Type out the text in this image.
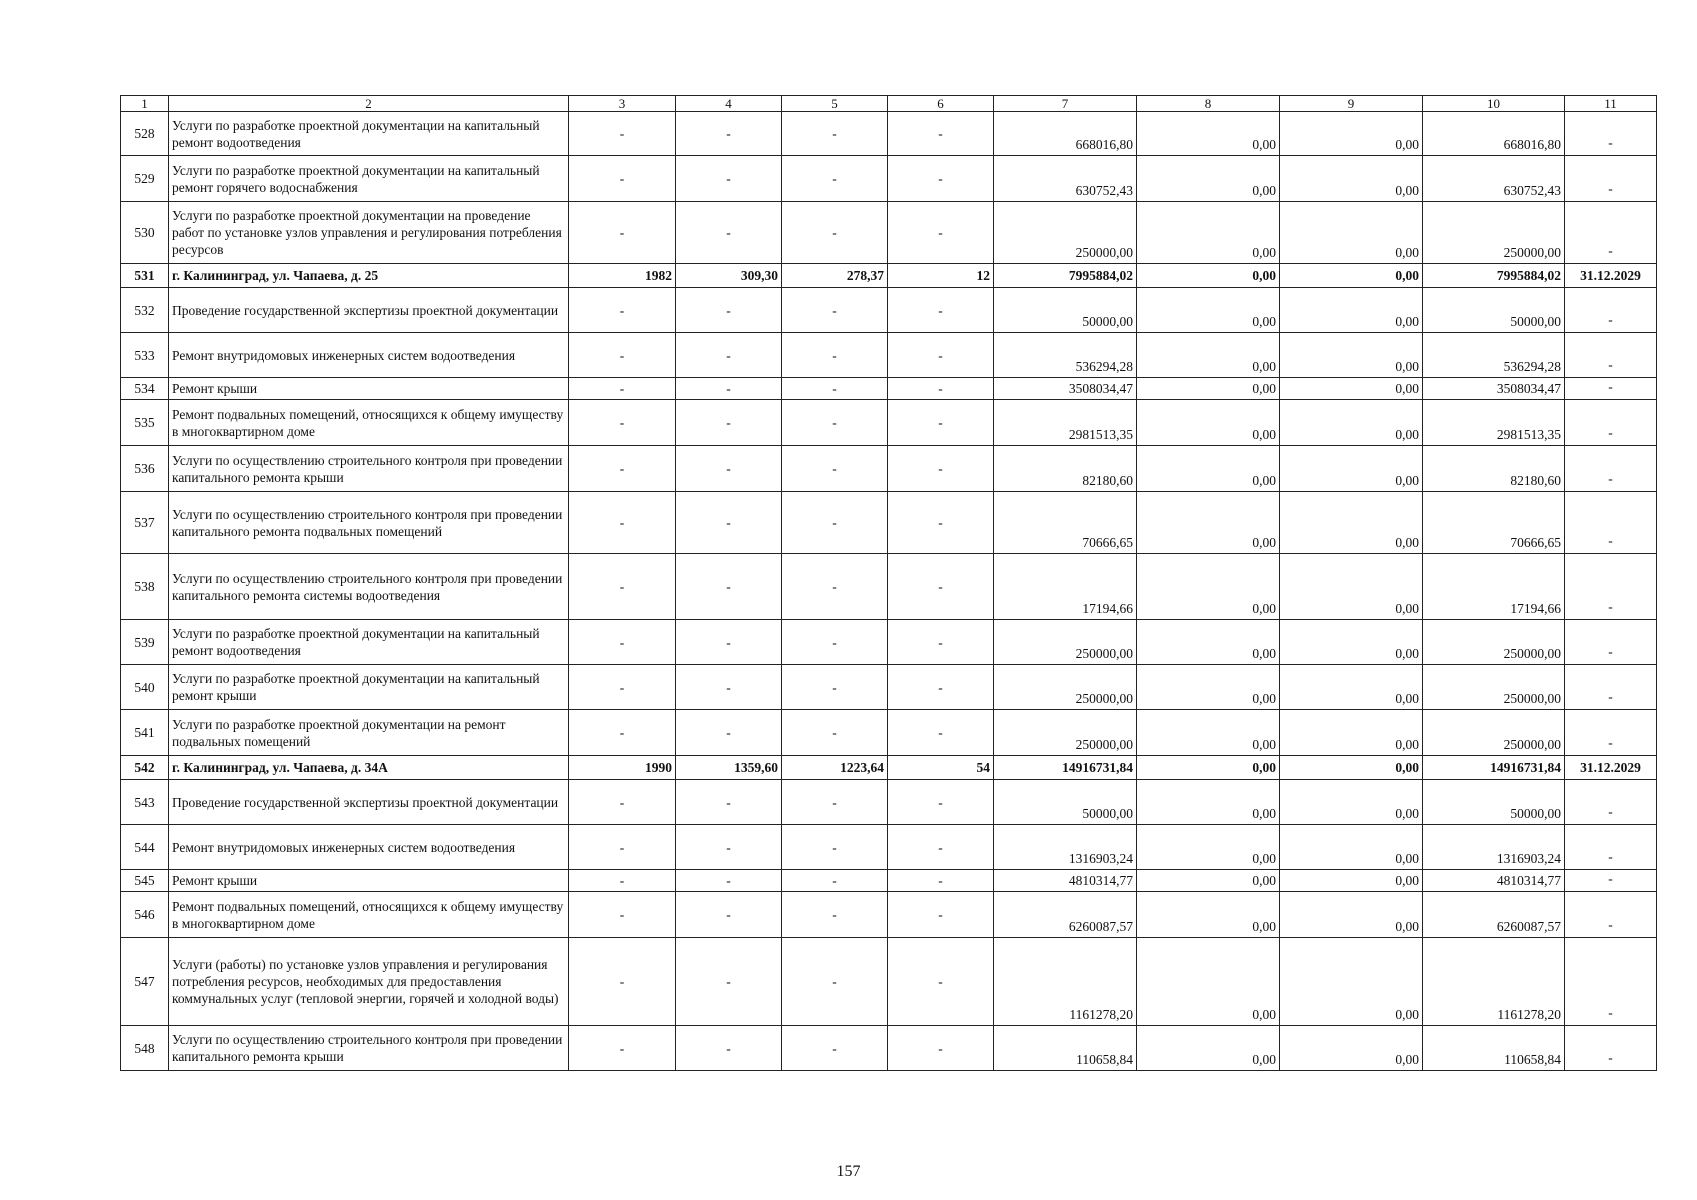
1	2	3	4	5	6	7	8	9	10	11
528	Услуги по разработке проектной документации на капитальный ремонт водоотведения	-	-	-	-	668016,80	0,00	0,00	668016,80	-
529	Услуги по разработке проектной документации на капитальный ремонт горячего водоснабжения	-	-	-	-	630752,43	0,00	0,00	630752,43	-
530	Услуги по разработке проектной документации на проведение работ по установке узлов управления и регулирования потребления ресурсов	-	-	-	-	250000,00	0,00	0,00	250000,00	-
531	г. Калининград, ул. Чапаева, д. 25	1982	309,30	278,37	12	7995884,02	0,00	0,00	7995884,02	31.12.2029
532	Проведение государственной экспертизы проектной документации	-	-	-	-	50000,00	0,00	0,00	50000,00	-
533	Ремонт внутридомовых инженерных систем водоотведения	-	-	-	-	536294,28	0,00	0,00	536294,28	-
534	Ремонт крыши	-	-	-	-	3508034,47	0,00	0,00	3508034,47	-
535	Ремонт подвальных помещений, относящихся к общему имуществу в многоквартирном доме	-	-	-	-	2981513,35	0,00	0,00	2981513,35	-
536	Услуги по осуществлению строительного контроля при проведении капитального ремонта крыши	-	-	-	-	82180,60	0,00	0,00	82180,60	-
537	Услуги по осуществлению строительного контроля при проведении капитального ремонта подвальных помещений	-	-	-	-	70666,65	0,00	0,00	70666,65	-
538	Услуги по осуществлению строительного контроля при проведении капитального ремонта системы водоотведения	-	-	-	-	17194,66	0,00	0,00	17194,66	-
539	Услуги по разработке проектной документации на капитальный ремонт водоотведения	-	-	-	-	250000,00	0,00	0,00	250000,00	-
540	Услуги по разработке проектной документации на капитальный ремонт крыши	-	-	-	-	250000,00	0,00	0,00	250000,00	-
541	Услуги по разработке проектной документации на ремонт подвальных помещений	-	-	-	-	250000,00	0,00	0,00	250000,00	-
542	г. Калининград, ул. Чапаева, д. 34А	1990	1359,60	1223,64	54	14916731,84	0,00	0,00	14916731,84	31.12.2029
543	Проведение государственной экспертизы проектной документации	-	-	-	-	50000,00	0,00	0,00	50000,00	-
544	Ремонт внутридомовых инженерных систем водоотведения	-	-	-	-	1316903,24	0,00	0,00	1316903,24	-
545	Ремонт крыши	-	-	-	-	4810314,77	0,00	0,00	4810314,77	-
546	Ремонт подвальных помещений, относящихся к общему имуществу в многоквартирном доме	-	-	-	-	6260087,57	0,00	0,00	6260087,57	-
547	Услуги (работы) по установке узлов управления и регулирования потребления ресурсов, необходимых для предоставления коммунальных услуг (тепловой энергии, горячей и холодной воды)	-	-	-	-	1161278,20	0,00	0,00	1161278,20	-
548	Услуги по осуществлению строительного контроля при проведении капитального ремонта крыши	-	-	-	-	110658,84	0,00	0,00	110658,84	-
157
